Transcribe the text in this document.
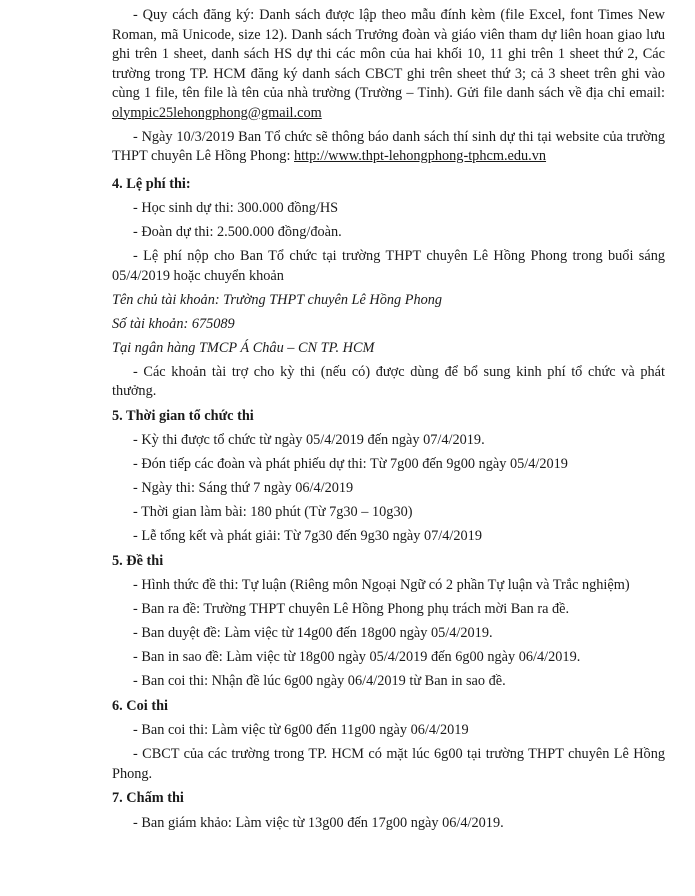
- Quy cách đăng ký: Danh sách được lập theo mẫu đính kèm (file Excel, font Times New Roman, mã Unicode, size 12). Danh sách Trưởng đoàn và giáo viên tham dự liên hoan giao lưu ghi trên 1 sheet, danh sách HS dự thi các môn của hai khối 10, 11 ghi trên 1 sheet thứ 2, Các trường trong TP. HCM đăng ký danh sách CBCT ghi trên sheet thứ 3; cả 3 sheet trên ghi vào cùng 1 file, tên file là tên của nhà trường (Trường – Tỉnh). Gửi file danh sách về địa chỉ email: olympic25lehongphong@gmail.com

- Ngày 10/3/2019 Ban Tổ chức sẽ thông báo danh sách thí sinh dự thi tại website của trường THPT chuyên Lê Hồng Phong: http://www.thpt-lehongphong-tphcm.edu.vn

4. Lệ phí thi:

- Học sinh dự thi: 300.000 đồng/HS

- Đoàn dự thi: 2.500.000 đồng/đoàn.

- Lệ phí nộp cho Ban Tổ chức tại trường THPT chuyên Lê Hồng Phong trong buổi sáng 05/4/2019 hoặc chuyển khoản

Tên chủ tài khoản: Trường THPT chuyên Lê Hồng Phong

Số tài khoản: 675089

Tại ngân hàng TMCP Á Châu – CN TP. HCM

- Các khoản tài trợ cho kỳ thi (nếu có) được dùng để bổ sung kinh phí tổ chức và phát thưởng.

5. Thời gian tổ chức thi

- Kỳ thi được tổ chức từ ngày 05/4/2019 đến ngày 07/4/2019.

- Đón tiếp các đoàn và phát phiếu dự thi: Từ 7g00 đến 9g00 ngày 05/4/2019

- Ngày thi: Sáng thứ 7 ngày 06/4/2019

- Thời gian làm bài: 180 phút (Từ 7g30 – 10g30)

- Lễ tổng kết và phát giải: Từ 7g30 đến 9g30 ngày 07/4/2019

5. Đề thi

- Hình thức đề thi: Tự luận (Riêng môn Ngoại Ngữ có 2 phần Tự luận và Trắc nghiệm)

- Ban ra đề: Trường THPT chuyên Lê Hồng Phong phụ trách mời Ban ra đề.

- Ban duyệt đề: Làm việc từ 14g00 đến 18g00 ngày 05/4/2019.

- Ban in sao đề: Làm việc từ 18g00 ngày 05/4/2019 đến 6g00 ngày 06/4/2019.

- Ban coi thi: Nhận đề lúc 6g00 ngày 06/4/2019 từ Ban in sao đề.

6. Coi thi

- Ban coi thi: Làm việc từ 6g00 đến 11g00 ngày 06/4/2019

- CBCT của các trường trong TP. HCM có mặt lúc 6g00 tại trường THPT chuyên Lê Hồng Phong.

7. Chấm thi

- Ban giám khảo: Làm việc từ 13g00 đến 17g00 ngày 06/4/2019.
